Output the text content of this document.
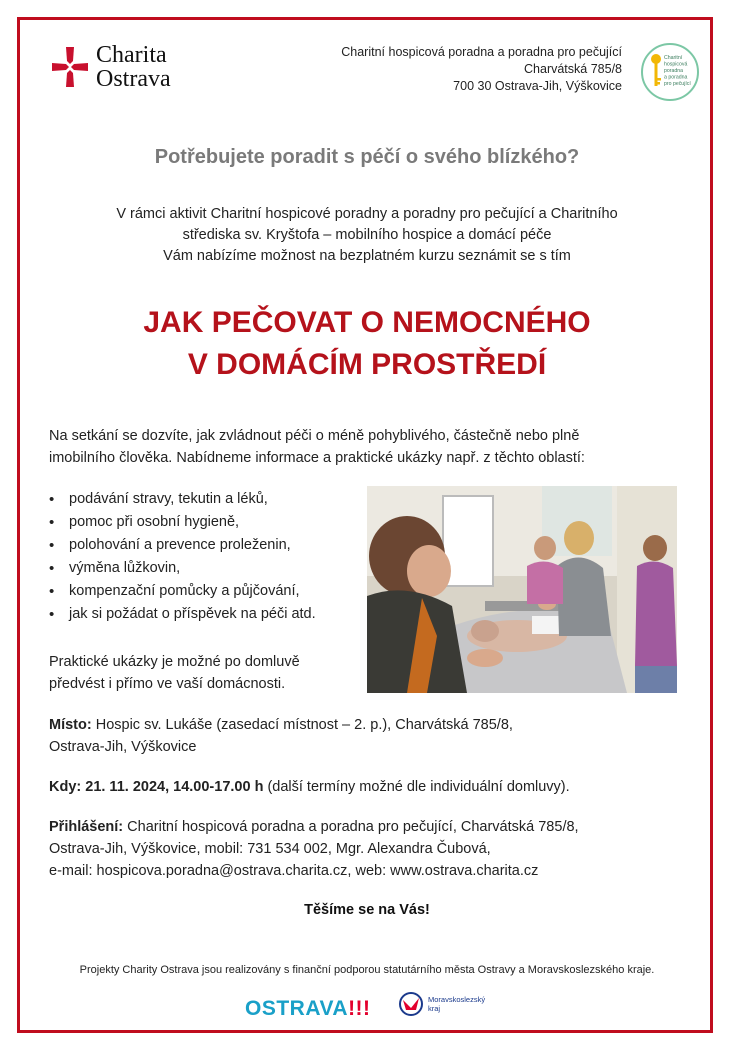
Charita
Ostrava
Charitní hospicová poradna a poradna pro pečující
Charvátská 785/8
700 30 Ostrava-Jih, Výškovice
Charitní
hospicová
poradna
a poradna
pro pečující
Potřebujete poradit s péčí o svého blízkého?
V rámci aktivit Charitní hospicové poradny a poradny pro pečující a Charitního
střediska sv. Kryštofa – mobilního hospice a domácí péče
Vám nabízíme možnost na bezplatném kurzu seznámit se s tím
JAK PEČOVAT O NEMOCNÉHO
V DOMÁCÍM PROSTŘEDÍ
Na setkání se dozvíte, jak zvládnout péči o méně pohyblivého, částečně nebo plně
imobilního člověka. Nabídneme informace a praktické ukázky např. z těchto oblastí:
• podávání stravy, tekutin a léků,
• pomoc při osobní hygieně,
• polohování a prevence proleženin,
• výměna lůžkovin,
• kompenzační pomůcky a půjčování,
• jak si požádat o příspěvek na péči atd.
Praktické ukázky je možné po domluvě
předvést i přímo ve vaší domácnosti.
Místo: Hospic sv. Lukáše (zasedací místnost – 2. p.), Charvátská 785/8,
Ostrava-Jih, Výškovice
Kdy: 21. 11. 2024, 14.00-17.00 h (další termíny možné dle individuální domluvy).
Přihlášení: Charitní hospicová poradna a poradna pro pečující, Charvátská 785/8,
Ostrava-Jih, Výškovice, mobil: 731 534 002, Mgr. Alexandra Čubová,
e-mail: hospicova.poradna@ostrava.charita.cz, web: www.ostrava.charita.cz
Těšíme se na Vás!
Projekty Charity Ostrava jsou realizovány s finanční podporou statutárního města Ostravy a Moravskoslezského kraje.
OSTRAVA!!!	Moravskoslezský
kraj
